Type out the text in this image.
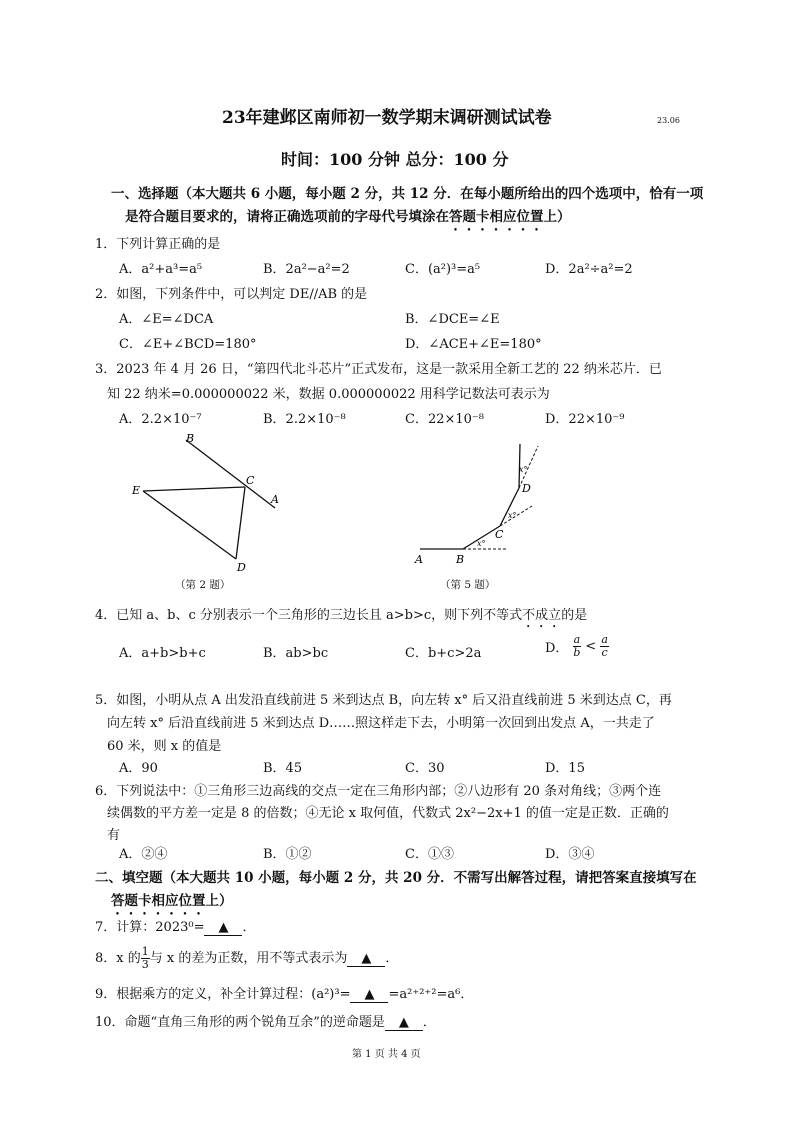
23年建邺区南师初一数学期末调研测试试卷	23.06
时间：100 分钟 总分：100 分
一、选择题（本大题共 6 小题，每小题 2 分，共 12 分．在每小题所给出的四个选项中，恰有一项
是符合题目要求的，请将正确选项前的字母代号填涂在答题卡相应位置上）
1．下列计算正确的是
A．a²+a³=a⁵	B．2a²−a²=2	C．(a²)³=a⁵	D．2a²÷a²=2
2．如图，下列条件中，可以判定 DE//AB 的是
A．∠E=∠DCA	B．∠DCE=∠E
C．∠E+∠BCD=180°	D．∠ACE+∠E=180°
3．2023 年 4 月 26 日，“第四代北斗芯片”正式发布，这是一款采用全新工艺的 22 纳米芯片．已
知 22 纳米=0.000000022 米，数据 0.000000022 用科学记数法可表示为
A．2.2×10⁻⁷	B．2.2×10⁻⁸	C．22×10⁻⁸	D．22×10⁻⁹
B
C
A
E
D
（第 2 题）
A	B
C
D
x°
x°
x°
（第 5 题）
4．已知 a、b、c 分别表示一个三角形的三边长且 a>b>c，则下列不等式不成立的是
A．a+b>b+c	B．ab>bc	C．b+c>2a	D． $\frac{a}{b} < \frac{a}{c}$
5．如图，小明从点 A 出发沿直线前进 5 米到达点 B，向左转 x° 后又沿直线前进 5 米到达点 C，再
向左转 x° 后沿直线前进 5 米到达点 D……照这样走下去，小明第一次回到出发点 A，一共走了
60 米，则 x 的值是
A．90	B．45	C．30	D．15
6．下列说法中：①三角形三边高线的交点一定在三角形内部；②八边形有 20 条对角线；③两个连
续偶数的平方差一定是 8 的倍数；④无论 x 取何值，代数式 2x²−2x+1 的值一定是正数．正确的
有
A．②④	B．①②	C．①③	D．③④
二、填空题（本大题共 10 小题，每小题 2 分，共 20 分．不需写出解答过程，请把答案直接填写在
答题卡相应位置上）
7．计算：2023⁰= ▲ ．
8．x 的 $\frac{1}{3}$ 与 x 的差为正数，用不等式表示为 ▲ ．
9．根据乘方的定义，补全计算过程：(a²)³= ▲ =a²⁺²⁺²=a⁶．
10．命题“直角三角形的两个锐角互余”的逆命题是 ▲ ．
第 1 页 共 4 页
